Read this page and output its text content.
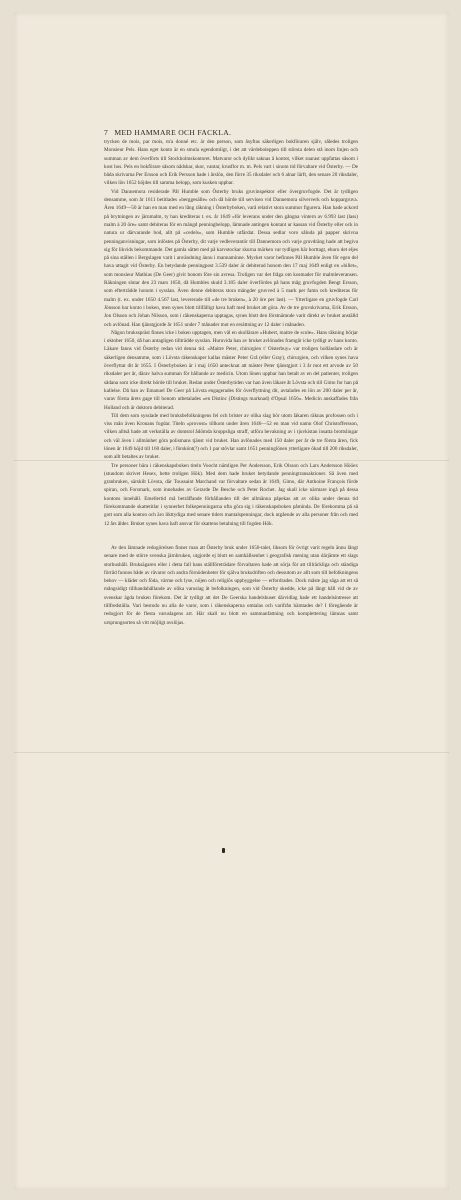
7 MED HAMMARE OCH FACKLA.

trycken de mois, par mois, m'a donné etc. är den person, som åsyftas säkerligen bokföraren själv, således troligen Monsieur Pels. Hans eget konto är en smula egendomligt, i det att värdeboleppen till största delen stå inom linjen och summan av dem överförts till Stockholmskontoret. Matvaror och dylikt saknas å kontot, vilket snarast uppfattas såsom i kost hos. Pels en bokförare såsom nådshar, skor, vantar, krusflor m. m. Pels vart i sinom tid förvaltare vid Österby. — De båda skrivarna Per Ersson och Erik Persson hade i årslön, den förre 35 riksdaler och 6 alnar lärft, den senare 20 riksdaler, vilken lön 1652 höjdes till samma belopp, som kusken uppbar.

Vid Dannemora residerade Pål Humble som Österby bruks gruvinspektor eller övergruvfogde. Det är tydligen densamme, som år 1611 betitlades »berggesälle» och då hörde till servisen vid Dannemora silververk och koppargruva. Åren 1649—50 är han en man med en lång räkning i Österbyboken, varå relativt stora summor figurera. Han hade ackord på brytningen av järnmalm, ty han krediteras t. ex. år 1649 »för leverans under den gångna vintern av 6.993 last (lass) malm à 20 öre» samt debiteras för en mängd penningbelopp, lämnade antingen kontant ur kassan vid Österby eller ock in natura ur därvarande bod, allt på »cedels», som Humble utfärdat. Dessa sedlar voro såluda på papper skrivna penninganvisningar, som inlöstes på Österby, dit varje vedleverantör till Dannemora och varje gruvdräng hade att begiva sig för likvids bekommande. Det gamla sättet med på karvstockar skurna märken var tydligen här borttagt, ehuru det eljes på sina ställen i Bergslagen varit i användning ännu i mannaminne. Mycket varor befinnes Pål Humble även för egen del hava uttagit vid Österby. En betydande penningpost 3.539 daler är debiterad honom den 17 maj 1649 enligt en »billet», som monsieur Mathias (De Geer) givit honom före sin avresa. Troligen var det fråga om kostnader för malmleveransen. Räkningen slutar den 23 mars 1650, då Humbles skuld 3.185 daler överfördes på hans måg gruvfogden Bengt Ersson, som efterträdde honom i sysslan. Även denne debiteras stora mängder gruvved à 5 mark per famn och krediteras för malm (t. ex. under 1650 4.567 last, levererade till »de tre bruken», à 20 öre per last). — Ytterligare en gruvfogde Carl Jönsson har konto i boken, men synes blott tillfälligt hava haft med bruket att göra. Av de tre gruvskrivarna, Erik Ersson, Jon Olsson och Johan Nilsson, som i räkenskaperna upptagas, synes blott den förstnämnde varit direkt av bruket anställd och avlönad. Han tjänstgjorde år 1651 under 7 månader mot en ersättning av 12 daler i månaden.

Någon bruksspräst finnes icke i boken upptagen, men väl en skollärare »Hubert, maitre de scole». Hans räkning börjar i oktober 1650, då han antagligen tillträdde sysslan. Huruvida han av bruket avlönades framgår icke tydligt av hans konto. Läkare fanns vid Österby redan vid denna tid. »Maitre Peter, chirurgien t' Oisterbuy» var troligen holländare och är säkerligen densamme, som i Lövsta räkenskaper kallas mäster Peter Grå (eller Gray), chirurgien, och vilken synes hava överflyttat dit år 1655. I Österbyboken är i maj 1650 antecknat att mäster Peter tjänstgjort i 3 år mot ett arvode av 50 riksdaler per år, därav halva summan för hållande av medicin. Utom lönen uppbar han betalt av en del patienter, troligen sådana som icke direkt hörde till bruket. Redan under Österbytiden var han även läkare åt Lövsta och till Gimo for han på kallelse. Då han av Emanuel De Geer på Lövsta engagerades för överflyttning dit, avtalades en lön av 200 daler per år, varav första årets gage till honom utbetalades »en Distinc (Distings marknad) d'Opsal 1656». Medicin anskaffades från Holland och är doktorn debiterad.

Till dem som sysslade med bruksbefolkningens fel och brister av olika slag bör utom läkaren räknas profossen och i viss mån även Kronans fogdar. Titeln »provost» tillkom under åren 1646—52 en man vid namn Olof Christoffersson, vilken alltså hade att verkställa av domstol ådömda kroppsliga straff, utföra bevakning av i tjuvkistan insatta brottslingar och väl även i allmänhet göra polismans tjänst vid bruket. Han avlönades med 150 daler per år de tre första åren, fick lönen år 1649 höjd till 160 daler, i förskönt(?) och 1 par stövlar samt 1651 penninglönen ytterligare ökad till 200 riksdaler, som allt betaltes av bruket.

Tre personer bära i räkenskapsboken titeln Voocht nämligen Per Andersson, Erik Olsson och Lars Andersson Hööex (stundom skrivet Hesex, hette troligen Hök). Med dem hade bruket betydande penningtransaktioner. Så även med granbruken, särskilt Lövsta, där Toussaint Marchand var förvaltare sedan år 1649, Gimo, där Anthoine François förde spiran, och Forsmark, som innehades av Gerarde De Besche och Peter Rochet. Jag skall icke närmare ingå på dessa kontons innehåll. Emellertid må beträffande förhållanden till det allmänna påpekas att av olika under denna tid förekommande skattetitlar i synnerhet folkepenningarna ofta göra sig i räkenskapsboken påminda. De förekomma på så gott som alla konton och äro likttydiga med senare tiders mantalspenningar, dock utgående av alla personer från och med 12 års ålder. Bruket synes hava haft ansvar för skattens betalning till fogden Hök.

Av den lämnade redogörelsen finner man att Österby bruk under 1650-talet, liksom för övrigt varit regeln ännu långt senare med de större svenska järnbruken, utgjorde ej blott en samhällsenhet i geografisk mening utan därjämte ett slags storhushåll. Bruksägaren eller i detta fall hans ställföreträdare förvaltaren hade att sörja för att tillräckliga och ständiga förråd funnos både av råvaror och andra förnödenheter för själva bruksdriften och dessutom av allt som till befolkningens behov — kläder och föda, värme och lyse, nöjen och religiös uppbyggelse — erfordrades. Dock måste jag säga att ett så mångsidigt tillhandahållande av olika varuslag åt befolkningen, som vid Österby skedde, icke på långt håll vid de av svenskar ägda bruken förekom. Det är tydligt att det De Geerska handelshuset därvidlag hade ett handelsintresse att tillfredställa. Vari bestodo nu alla de varor, som i räkenskaperna omtalas och varifrån hämtades de? I föregående är redogjort för de flesta varuslagens art. Här skall nu blott en sammanfattning och komplettering lämnas samt ursprungsorten så vitt möjligt avslöjas.
